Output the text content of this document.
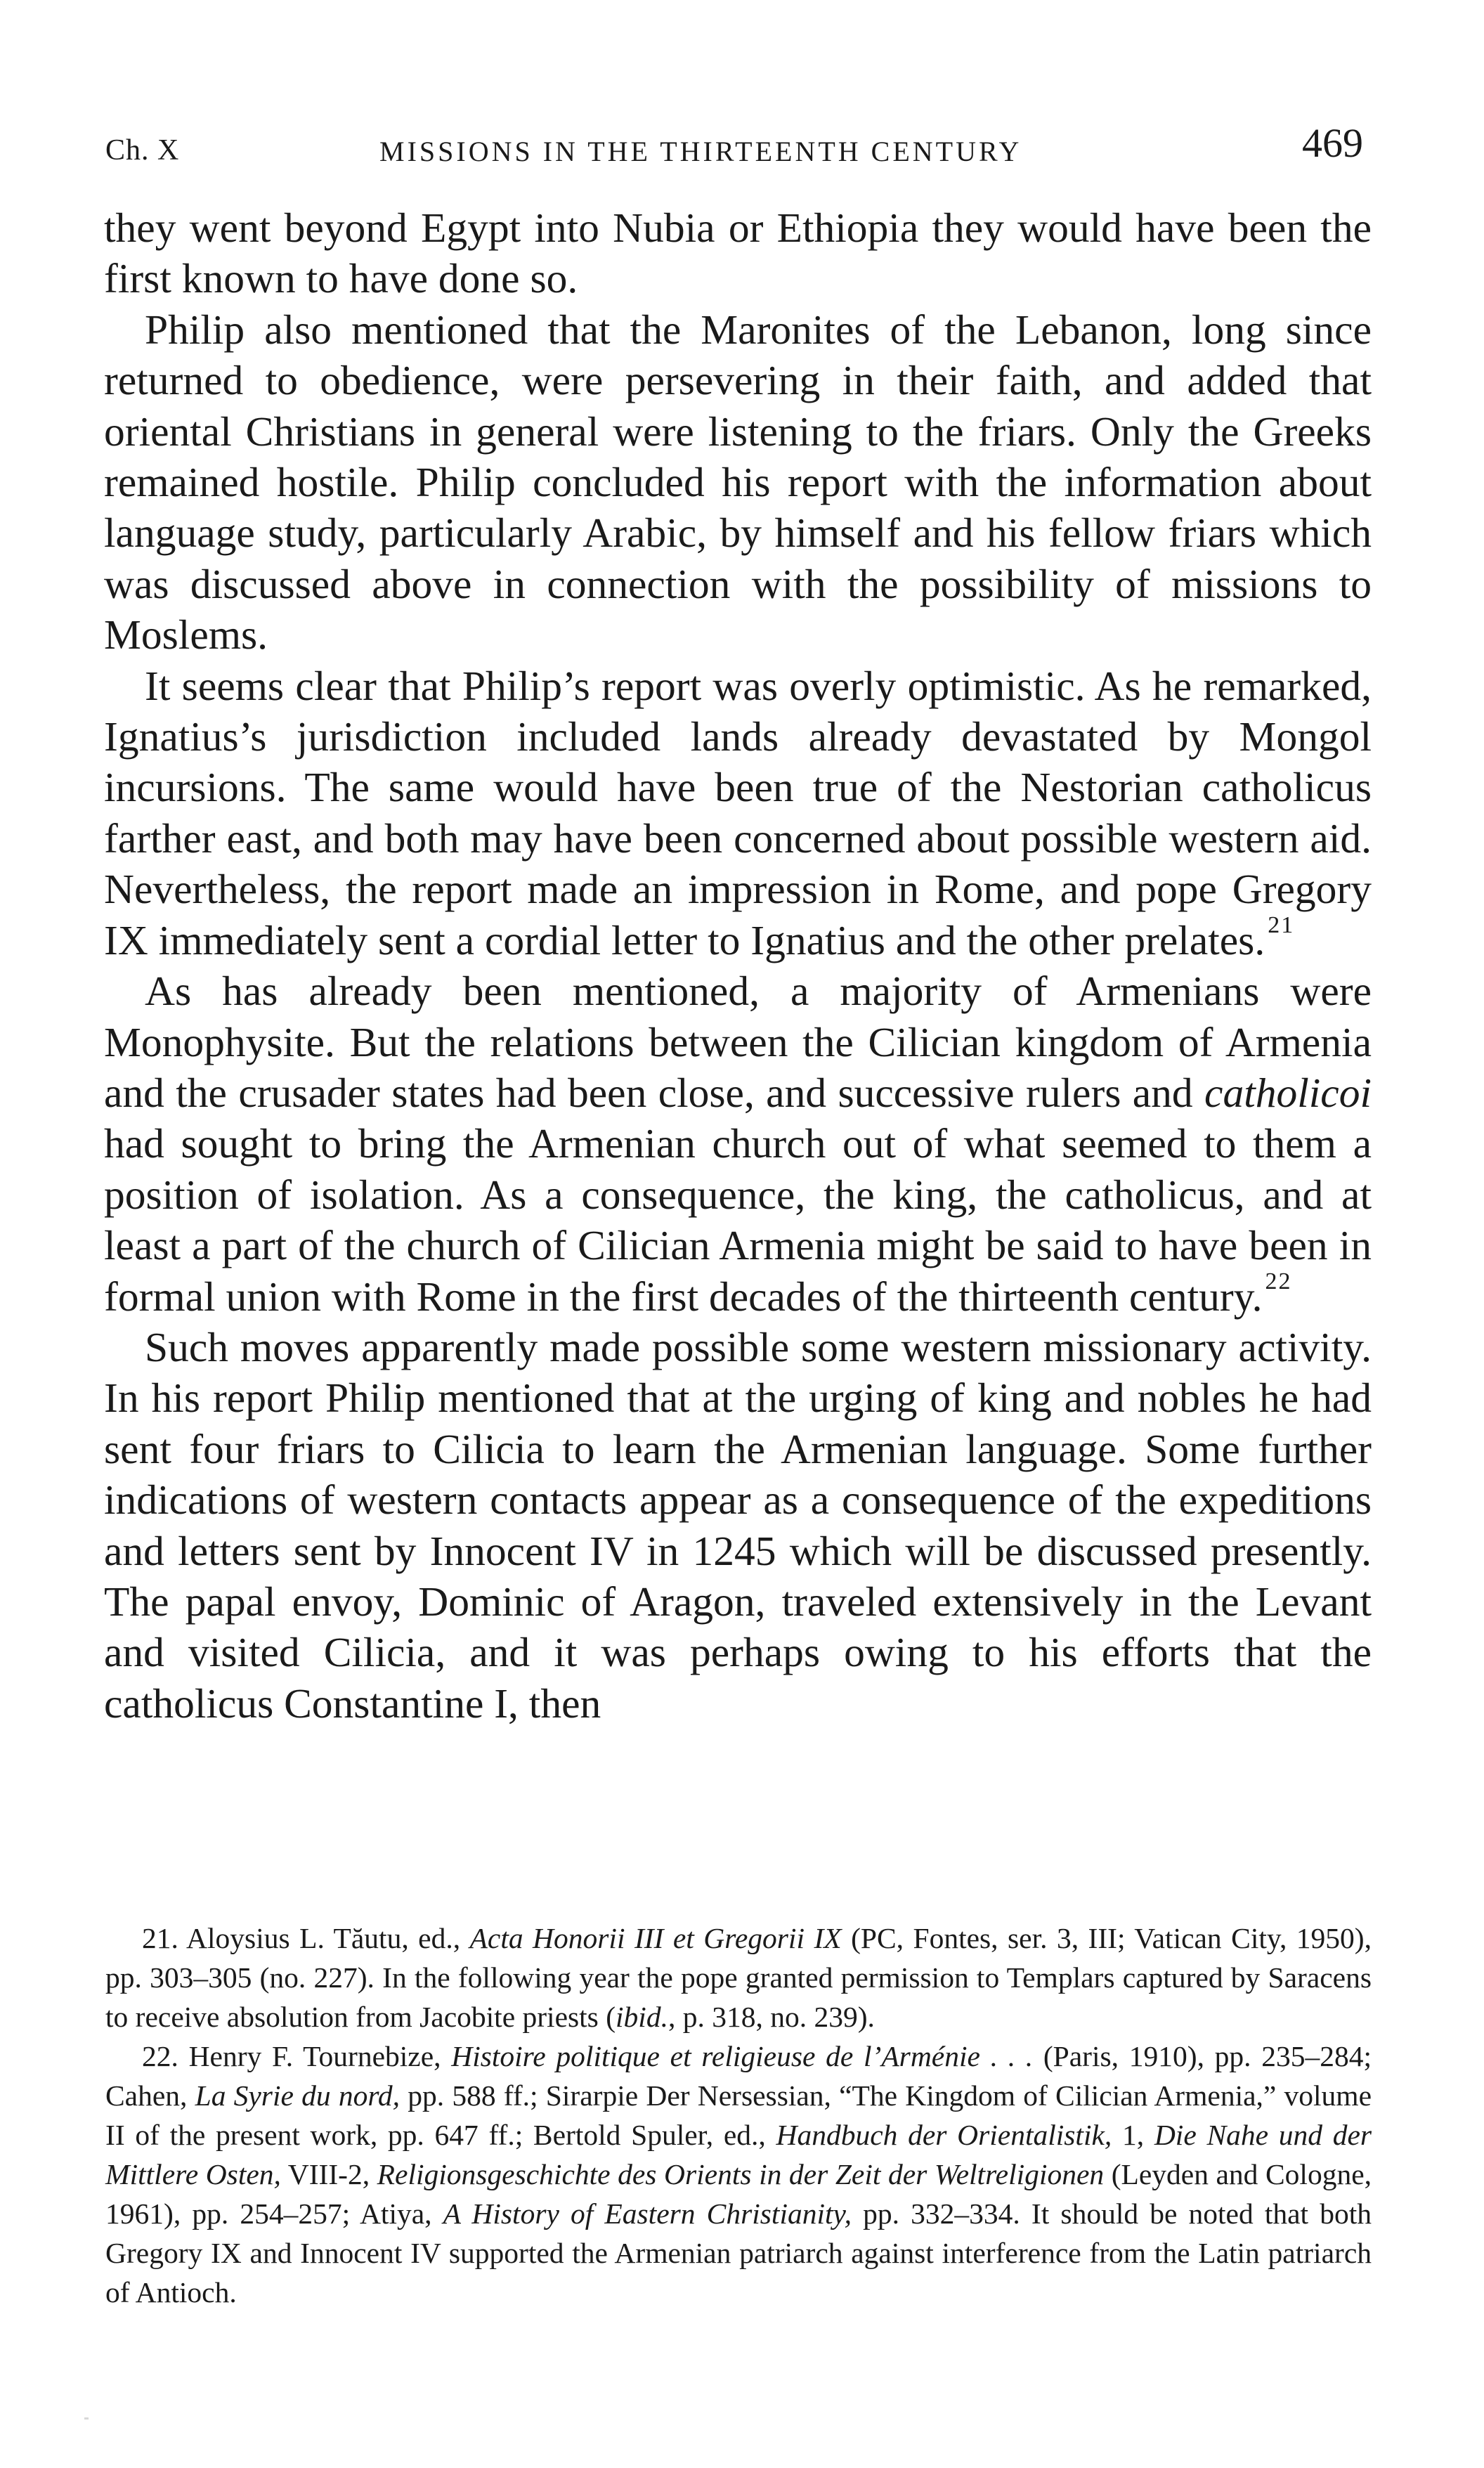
Ch. X	MISSIONS IN THE THIRTEENTH CENTURY	469

they went beyond Egypt into Nubia or Ethiopia they would have been the first known to have done so.

Philip also mentioned that the Maronites of the Lebanon, long since returned to obedience, were persevering in their faith, and added that oriental Christians in general were listening to the friars. Only the Greeks remained hostile. Philip concluded his report with the information about language study, particularly Arabic, by himself and his fellow friars which was discussed above in connection with the possibility of missions to Moslems.

It seems clear that Philip’s report was overly optimistic. As he remarked, Ignatius’s jurisdiction included lands already devastated by Mongol incursions. The same would have been true of the Nestorian catholicus farther east, and both may have been concerned about possible western aid. Nevertheless, the report made an impression in Rome, and pope Gregory IX immediately sent a cordial letter to Ignatius and the other prelates. $^{21}$

As has already been mentioned, a majority of Armenians were Monophysite. But the relations between the Cilician kingdom of Armenia and the crusader states had been close, and successive rulers and catholicoi had sought to bring the Armenian church out of what seemed to them a position of isolation. As a consequence, the king, the catholicus, and at least a part of the church of Cilician Armenia might be said to have been in formal union with Rome in the first decades of the thirteenth century. $^{22}$

Such moves apparently made possible some western missionary activity. In his report Philip mentioned that at the urging of king and nobles he had sent four friars to Cilicia to learn the Armenian language. Some further indications of western contacts appear as a consequence of the expeditions and letters sent by Innocent IV in 1245 which will be discussed presently. The papal envoy, Dominic of Aragon, traveled extensively in the Levant and visited Cilicia, and it was perhaps owing to his efforts that the catholicus Constantine I, then

21. Aloysius L. Tăutu, ed., Acta Honorii III et Gregorii IX (PC, Fontes, ser. 3, III; Vatican City, 1950), pp. 303–305 (no. 227). In the following year the pope granted permission to Templars captured by Saracens to receive absolution from Jacobite priests (ibid., p. 318, no. 239).

22. Henry F. Tournebize, Histoire politique et religieuse de l’Arménie . . . (Paris, 1910), pp. 235–284; Cahen, La Syrie du nord, pp. 588 ff.; Sirarpie Der Nersessian, “The Kingdom of Cilician Armenia,” volume II of the present work, pp. 647 ff.; Bertold Spuler, ed., Handbuch der Orientalistik, 1, Die Nahe und der Mittlere Osten, VIII-2, Religionsgeschichte des Orients in der Zeit der Weltreligionen (Leyden and Cologne, 1961), pp. 254–257; Atiya, A History of Eastern Christianity, pp. 332–334. It should be noted that both Gregory IX and Innocent IV supported the Armenian patriarch against interference from the Latin patriarch of Antioch.
